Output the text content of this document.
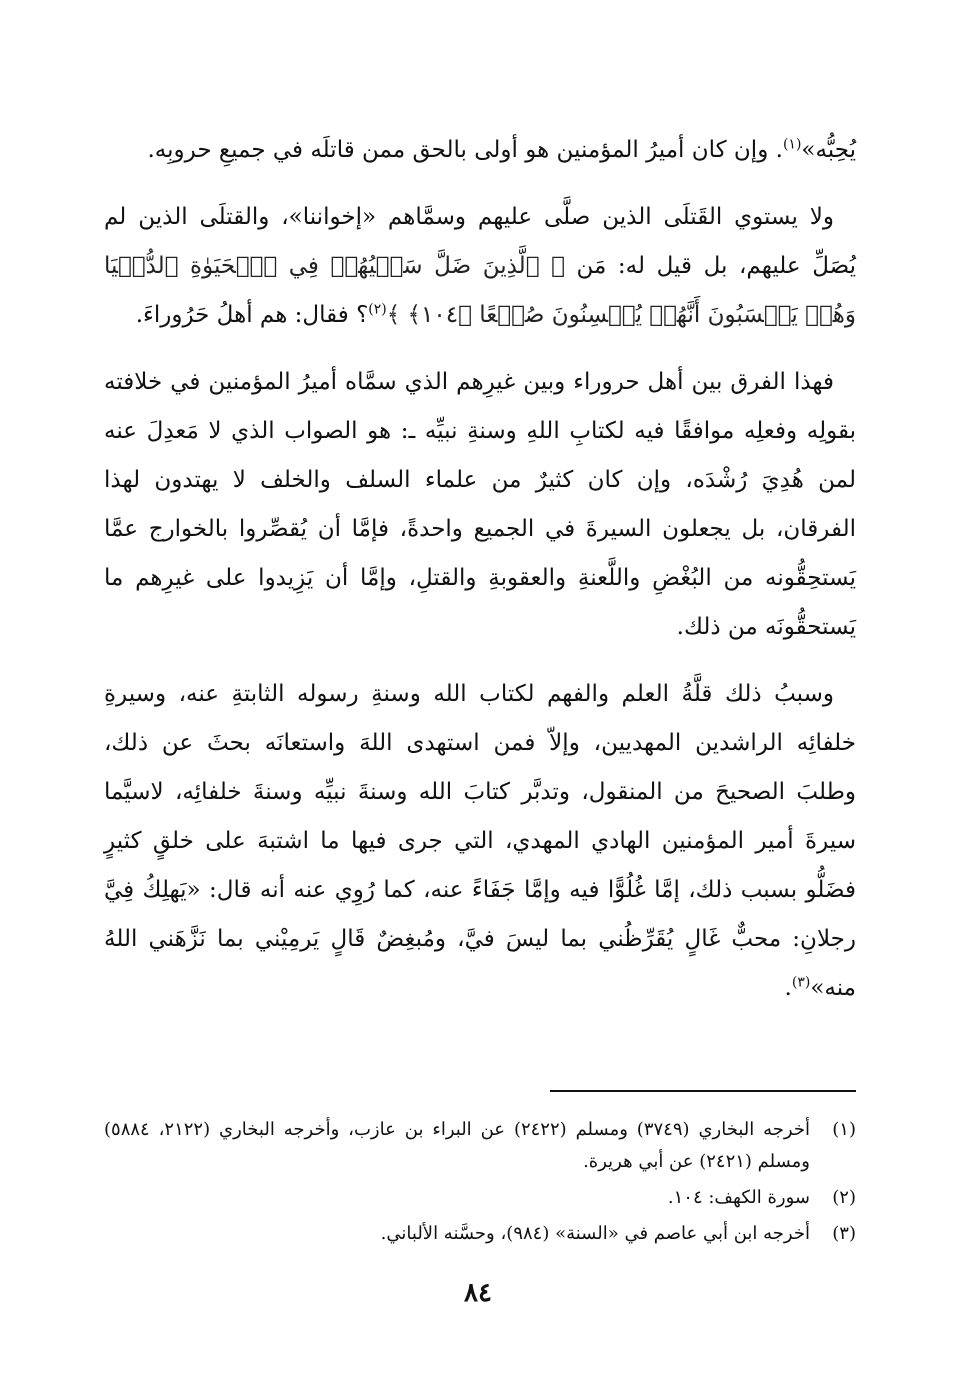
يُحِبُّه»$^{(١)}$. وإن كان أميرُ المؤمنين هو أولى بالحق ممن قاتلَه في جميعِ حروبِه.

ولا يستوي القَتلَى الذين صلَّى عليهم وسمَّاهم «إخواننا»، والقتلَى الذين لم يُصَلِّ عليهم، بل قيل له: مَن ﴿ ٱلَّذِينَ ضَلَّ سَعۡيُهُمۡ فِي ٱلۡحَيَوٰةِ ٱلدُّنۡيَا وَهُمۡ يَحۡسَبُونَ أَنَّهُمۡ يُحۡسِنُونَ صُنۡعًا ﴿١٠٤﴾ ﴾$^{(٢)}$؟ فقال: هم أهلُ حَرُوراءَ.

فهذا الفرق بين أهل حروراء وبين غيرِهم الذي سمَّاه أميرُ المؤمنين في خلافته بقولِه وفعلِه موافقًا فيه لكتابِ اللهِ وسنةِ نبيِّه ـ: هو الصواب الذي لا مَعدِلَ عنه لمن هُدِيَ رُشْدَه، وإن كان كثيرٌ من علماء السلف والخلف لا يهتدون لهذا الفرقان، بل يجعلون السيرةَ في الجميع واحدةً، فإمَّا أن يُقصِّروا بالخوارج عمَّا يَستحِقُّونه من البُغْضِ واللَّعنةِ والعقوبةِ والقتلِ، وإمَّا أن يَزِيدوا على غيرِهم ما يَستحقُّونَه من ذلك.

وسببُ ذلك قلَّةُ العلم والفهم لكتاب الله وسنةِ رسوله الثابتةِ عنه، وسيرةِ خلفائِه الراشدين المهديين، وإلاّ فمن استهدى اللهَ واستعانَه بحثَ عن ذلك، وطلبَ الصحيحَ من المنقول، وتدبَّر كتابَ الله وسنةَ نبيِّه وسنةَ خلفائِه، لاسيَّما سيرةَ أمير المؤمنين الهادي المهدي، التي جرى فيها ما اشتبهَ على خلقٍ كثيرٍ فضَلُّو بسبب ذلك، إمَّا غُلُوًّا فيه وإمَّا جَفَاءً عنه، كما رُوِي عنه أنه قال: «يَهلِكُ فِيَّ رجلانِ: محبٌّ غَالٍ يُقَرِّظُني بما ليسَ فيَّ، ومُبغِضٌ قَالٍ يَرمِيْني بما نَزَّهَني اللهُ منه»$^{(٣)}$.

(١)
أخرجه البخاري (٣٧٤٩) ومسلم (٢٤٢٢) عن البراء بن عازب، وأخرجه البخاري (٢١٢٢، ٥٨٨٤) ومسلم (٢٤٢١) عن أبي هريرة.
(٢)
سورة الكهف: ١٠٤.
(٣)
أخرجه ابن أبي عاصم في «السنة» (٩٨٤)، وحسَّنه الألباني.
٨٤
